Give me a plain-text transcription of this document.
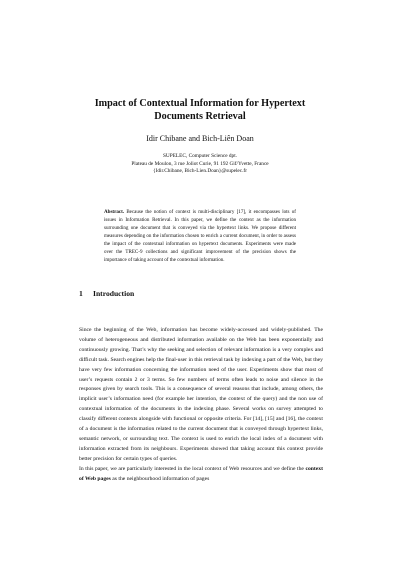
Impact of Contextual Information for Hypertext
Documents Retrieval
Idir Chibane and Bich-Liên Doan
SUPELEC, Computer Science dpt.
Plateau de Moulon, 3 rue Joliot Curie, 91 192 Gif/Yvette, France
{Idir.Chibane, Bich-Lien.Doan}@supelec.fr
Abstract. Because the notion of context is multi-disciplinary [17], it encompasses lots of issues in Information Retrieval. In this paper, we define the context as the information surrounding one document that is conveyed via the hypertext links. We propose different measures depending on the information chosen to enrich a current document, in order to assess the impact of the contextual information on hypertext documents. Experiments were made over the TREC-9 collections and significant improvement of the precision shows the importance of taking account of the contextual information.
1 Introduction

Since the beginning of the Web, information has become widely-accessed and widely-published. The volume of heterogeneous and distributed information available on the Web has been exponentially and continuously growing. That’s why the seeking and selection of relevant information is a very complex and difficult task. Search engines help the final-user in this retrieval task by indexing a part of the Web, but they have very few information concerning the information need of the user. Experiments show that most of user’s requests contain 2 or 3 terms. So few numbers of terms often leads to noise and silence in the responses given by search tools. This is a consequence of several reasons that include, among others, the implicit user’s information need (for example her intention, the context of the query) and the non use of contextual information of the documents in the indexing phase. Several works on survey attempted to classify different contexts alongside with functional or opposite criteria. For [14], [15] and [16], the context of a document is the information related to the current document that is conveyed through hypertext links, semantic network, or surrounding text. The context is used to enrich the local index of a document with information extracted from its neighbours. Experiments showed that taking account this context provide better precision for certain types of queries.

In this paper, we are particularly interested in the local context of Web resources and we define the context of Web pages as the neighbourhood information of pages
